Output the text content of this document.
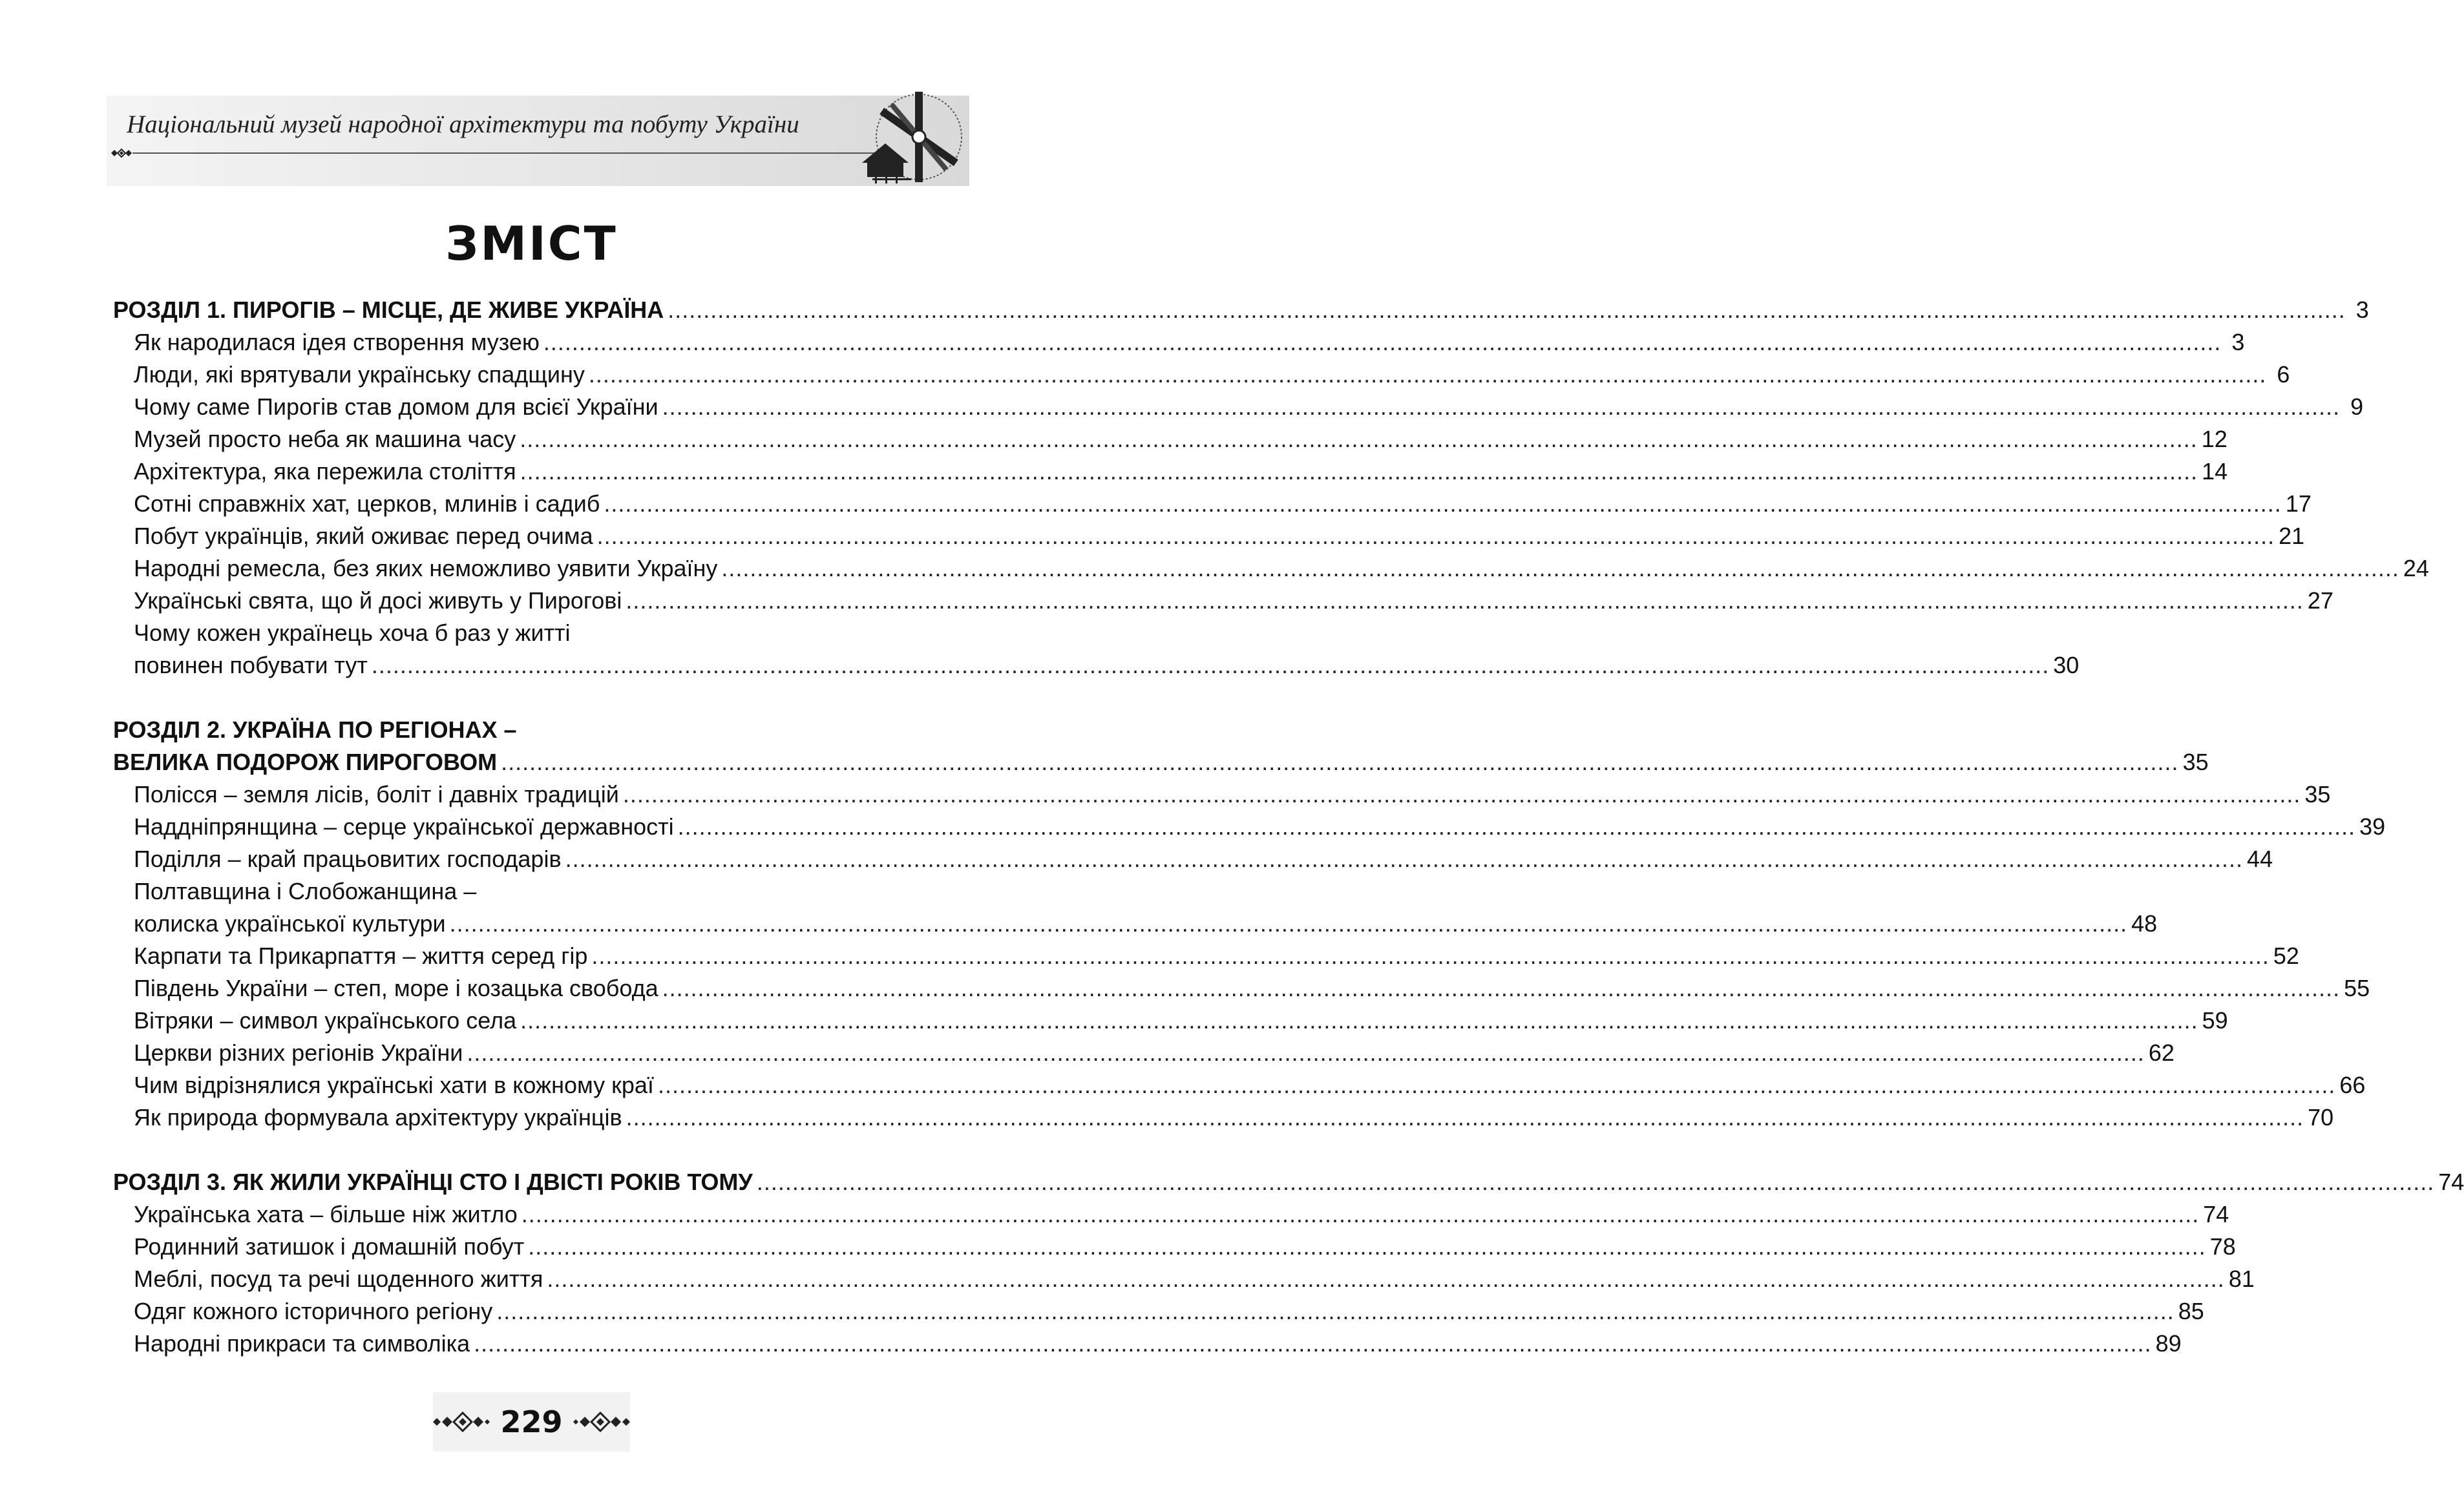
Національний музей народної архітектури та побуту України
ЗМІСТ
РОЗДІЛ 1. ПИРОГІВ – МІСЦЕ, ДЕ ЖИВЕ УКРАЇНА ............................................................................................................................................................................................................................................ 3
Як народилася ідея створення музею ............................................................................................................................................................................................................................................ 3
Люди, які врятували українську спадщину ............................................................................................................................................................................................................................................ 6
Чому саме Пирогів став домом для всієї України ............................................................................................................................................................................................................................................ 9
Музей просто неба як машина часу ............................................................................................................................................................................................................................................ 12
Архітектура, яка пережила століття ............................................................................................................................................................................................................................................ 14
Сотні справжніх хат, церков, млинів і садиб ............................................................................................................................................................................................................................................ 17
Побут українців, який оживає перед очима ............................................................................................................................................................................................................................................ 21
Народні ремесла, без яких неможливо уявити Україну ............................................................................................................................................................................................................................................ 24
Українські свята, що й досі живуть у Пирогові ............................................................................................................................................................................................................................................ 27
Чому кожен українець хоча б раз у житті
повинен побувати тут ............................................................................................................................................................................................................................................ 30
РОЗДІЛ 2. УКРАЇНА ПО РЕГІОНАХ –
ВЕЛИКА ПОДОРОЖ ПИРОГОВОМ ............................................................................................................................................................................................................................................ 35
Полісся – земля лісів, боліт і давніх традицій ............................................................................................................................................................................................................................................ 35
Наддніпрянщина – серце української державності ............................................................................................................................................................................................................................................ 39
Поділля – край працьовитих господарів ............................................................................................................................................................................................................................................ 44
Полтавщина і Слобожанщина –
колиска української культури ............................................................................................................................................................................................................................................ 48
Карпати та Прикарпаття – життя серед гір ............................................................................................................................................................................................................................................ 52
Південь України – степ, море і козацька свобода ............................................................................................................................................................................................................................................ 55
Вітряки – символ українського села ............................................................................................................................................................................................................................................ 59
Церкви різних регіонів України ............................................................................................................................................................................................................................................ 62
Чим відрізнялися українські хати в кожному краї ............................................................................................................................................................................................................................................ 66
Як природа формувала архітектуру українців ............................................................................................................................................................................................................................................ 70
РОЗДІЛ 3. ЯК ЖИЛИ УКРАЇНЦІ СТО І ДВІСТІ РОКІВ ТОМУ ............................................................................................................................................................................................................................................ 74
Українська хата – більше ніж житло ............................................................................................................................................................................................................................................ 74
Родинний затишок і домашній побут ............................................................................................................................................................................................................................................ 78
Меблі, посуд та речі щоденного життя ............................................................................................................................................................................................................................................ 81
Одяг кожного історичного регіону ............................................................................................................................................................................................................................................ 85
Народні прикраси та символіка ............................................................................................................................................................................................................................................ 89
229
